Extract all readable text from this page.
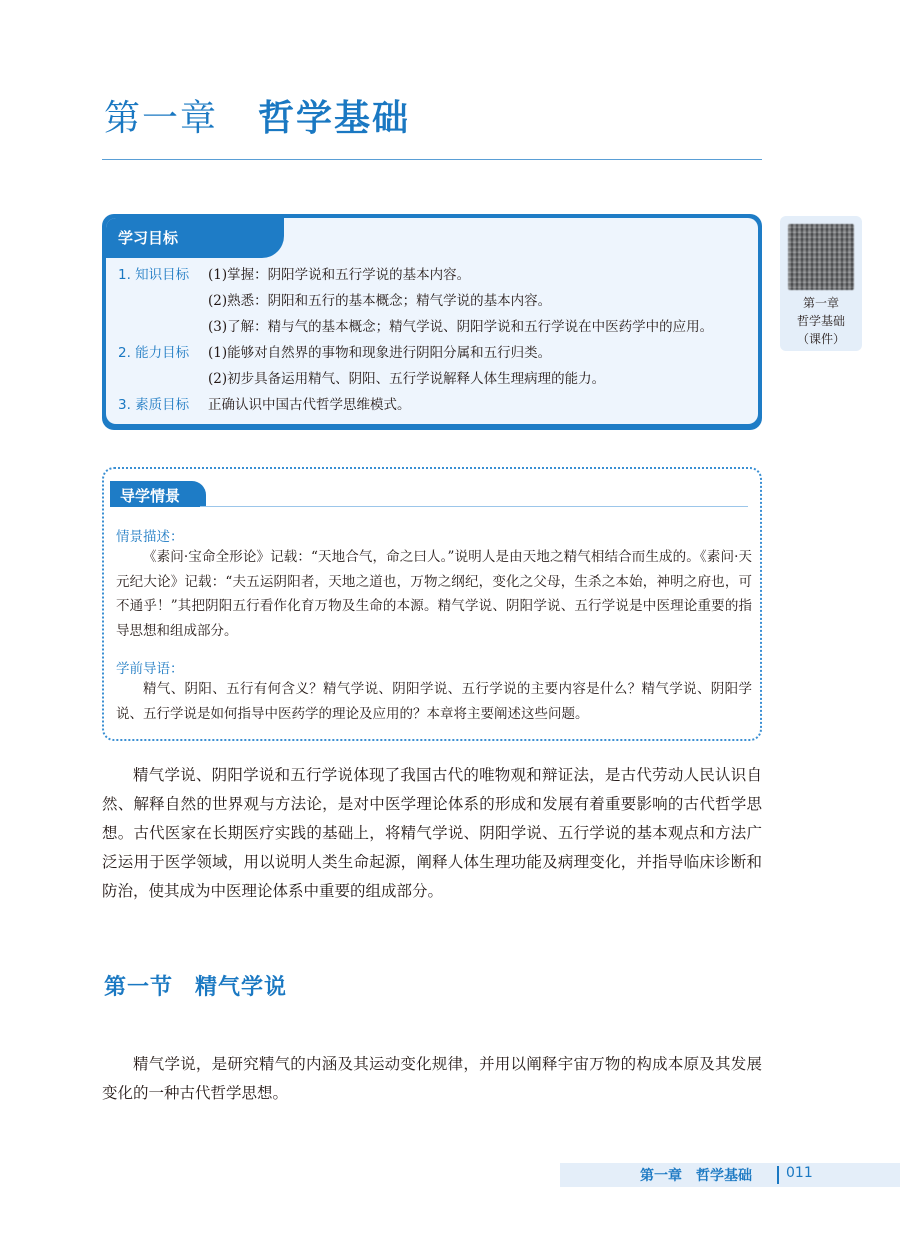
第一章 哲学基础
学习目标
1. 知识目标 (1)掌握：阴阳学说和五行学说的基本内容。
(2)熟悉：阴阳和五行的基本概念；精气学说的基本内容。
(3)了解：精与气的基本概念；精气学说、阴阳学说和五行学说在中医药学中的应用。
2. 能力目标 (1)能够对自然界的事物和现象进行阴阳分属和五行归类。
(2)初步具备运用精气、阴阳、五行学说解释人体生理病理的能力。
3. 素质目标 正确认识中国古代哲学思维模式。
第一章
哲学基础
（课件）
导学情景
情景描述：
《素问·宝命全形论》记载：“天地合气，命之曰人。”说明人是由天地之精气相结合而生成的。《素问·天元纪大论》记载：“夫五运阴阳者，天地之道也，万物之纲纪，变化之父母，生杀之本始，神明之府也，可不通乎！”其把阴阳五行看作化育万物及生命的本源。精气学说、阴阳学说、五行学说是中医理论重要的指导思想和组成部分。
学前导语：
精气、阴阳、五行有何含义？精气学说、阴阳学说、五行学说的主要内容是什么？精气学说、阴阳学说、五行学说是如何指导中医药学的理论及应用的？本章将主要阐述这些问题。
精气学说、阴阳学说和五行学说体现了我国古代的唯物观和辩证法，是古代劳动人民认识自然、解释自然的世界观与方法论，是对中医学理论体系的形成和发展有着重要影响的古代哲学思想。古代医家在长期医疗实践的基础上，将精气学说、阴阳学说、五行学说的基本观点和方法广泛运用于医学领域，用以说明人类生命起源，阐释人体生理功能及病理变化，并指导临床诊断和防治，使其成为中医理论体系中重要的组成部分。
第一节 精气学说
精气学说，是研究精气的内涵及其运动变化规律，并用以阐释宇宙万物的构成本原及其发展变化的一种古代哲学思想。
第一章　哲学基础 011
